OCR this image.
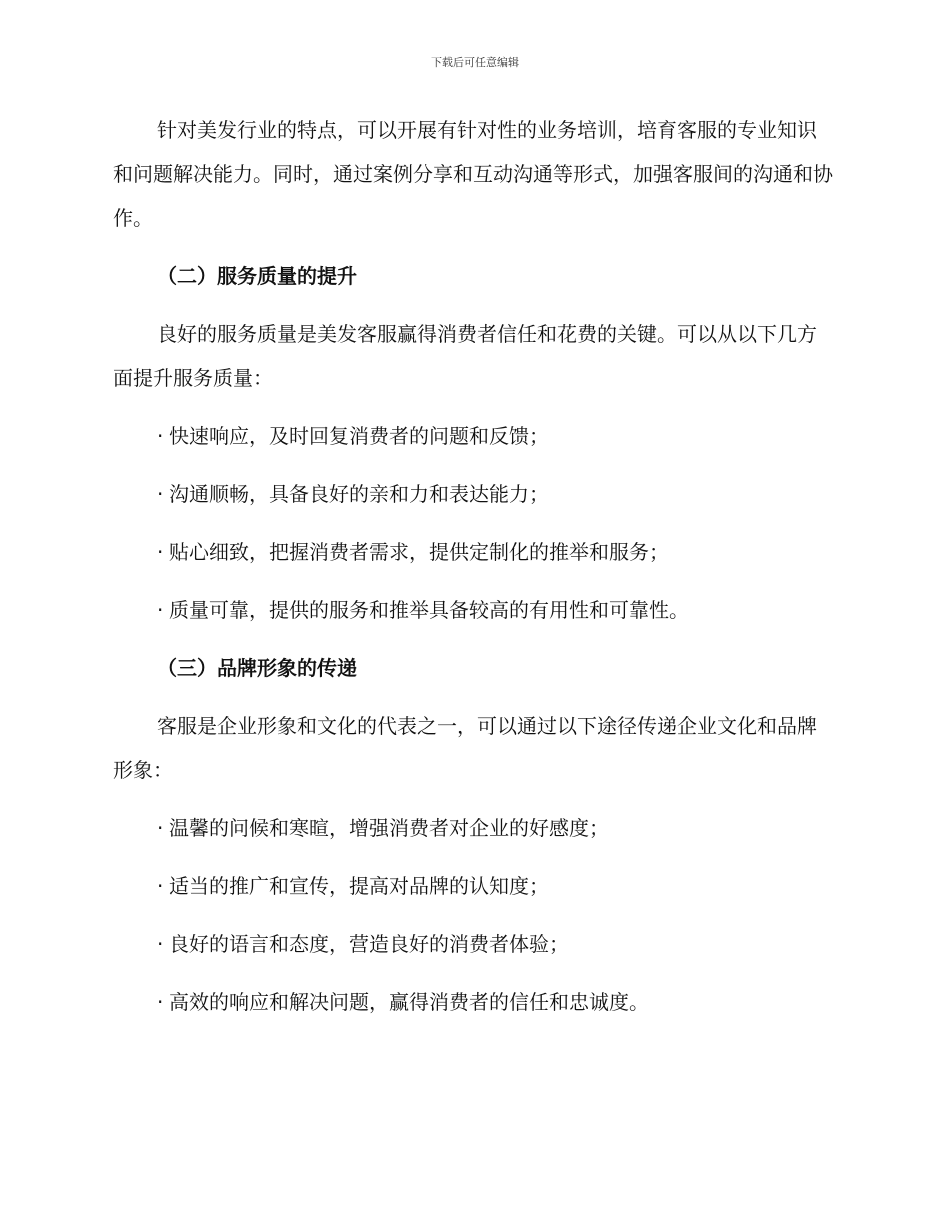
下载后可任意编辑

针对美发行业的特点，可以开展有针对性的业务培训，培育客服的专业知识和问题解决能力。同时，通过案例分享和互动沟通等形式，加强客服间的沟通和协作。

（二）服务质量的提升

良好的服务质量是美发客服赢得消费者信任和花费的关键。可以从以下几方面提升服务质量：

· 快速响应，及时回复消费者的问题和反馈；
· 沟通顺畅，具备良好的亲和力和表达能力；
· 贴心细致，把握消费者需求，提供定制化的推举和服务；
· 质量可靠，提供的服务和推举具备较高的有用性和可靠性。
（三）品牌形象的传递

客服是企业形象和文化的代表之一，可以通过以下途径传递企业文化和品牌形象：

· 温馨的问候和寒暄，增强消费者对企业的好感度；
· 适当的推广和宣传，提高对品牌的认知度；
· 良好的语言和态度，营造良好的消费者体验；
· 高效的响应和解决问题，赢得消费者的信任和忠诚度。
